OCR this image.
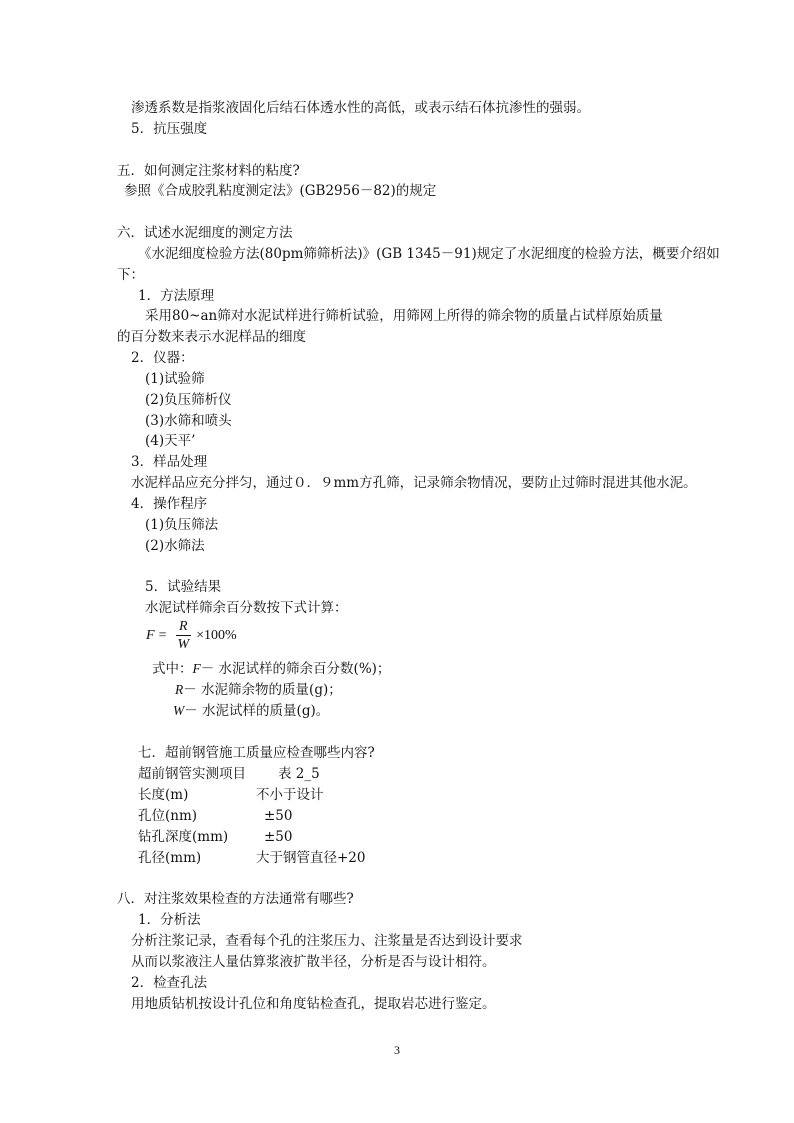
渗透系数是指浆液固化后结石体透水性的高低，或表示结石体抗渗性的强弱。
5．抗压强度
五．如何测定注浆材料的粘度?
参照《合成胶乳粘度测定法》(GB2956－82)的规定
六．试述水泥细度的测定方法
《水泥细度检验方法(80pm筛筛析法)》(GB 1345－91)规定了水泥细度的检验方法，概要介绍如
下：
1．方法原理
采用80~an筛对水泥试样进行筛析试验，用筛网上所得的筛余物的质量占试样原始质量
的百分数来表示水泥样品的细度
2．仪器：
(1)试验筛
(2)负压筛析仪
(3)水筛和喷头
(4)天平’
3．样品处理
水泥样品应充分拌匀，通过０．９mm方孔筛，记录筛余物情况，要防止过筛时混进其他水泥。
4．操作程序
(1)负压筛法
(2)水筛法
5．试验结果
水泥试样筛余百分数按下式计算：
$F = \frac{R}{W} \times 100\%$
式中：F－ 水泥试样的筛余百分数(%)；
R－ 水泥筛余物的质量(g)；
W－ 水泥试样的质量(g)。
七．超前钢管施工质量应检查哪些内容?
超前钢管实测项目 表 2_5
长度(m)	不小于设计
孔位(nm)	±50
钻孔深度(mm)	±50
孔径(mm)	大于钢管直径+20
八．对注浆效果检查的方法通常有哪些?
1．分析法
分析注浆记录，查看每个孔的注浆压力、注浆量是否达到设计要求
从而以浆液注人量估算浆液扩散半径，分析是否与设计相符。
2．检查孔法
用地质钻机按设计孔位和角度钻检查孔，提取岩芯进行鉴定。
3
